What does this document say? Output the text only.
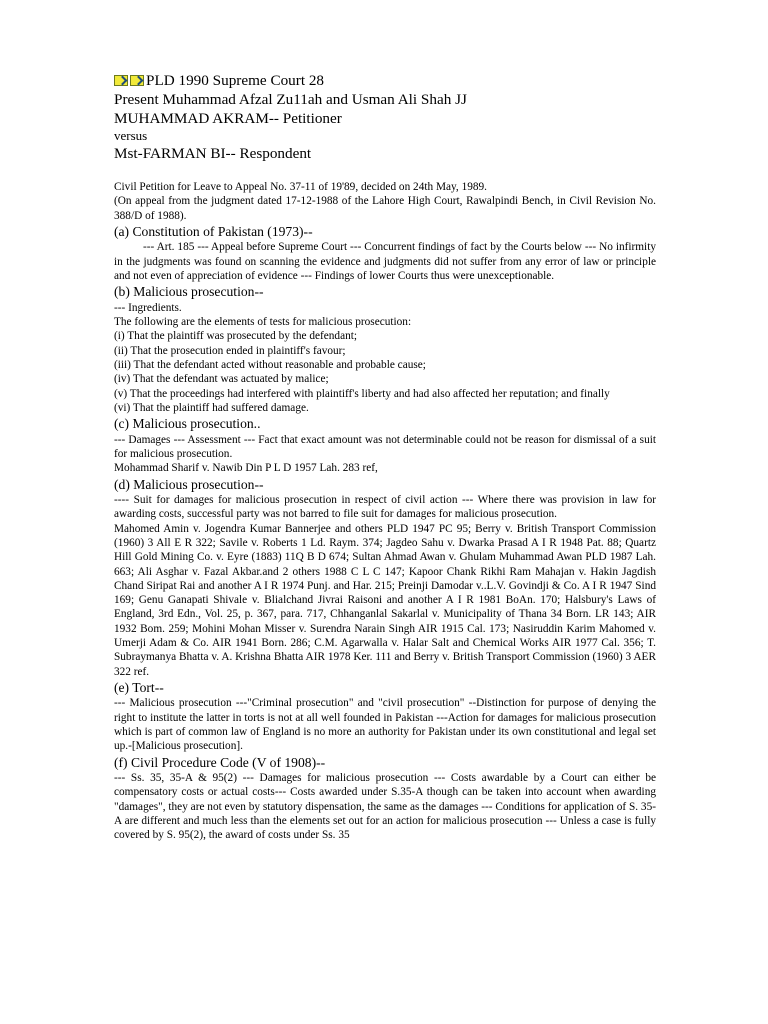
PLD 1990 Supreme Court 28
Present Muhammad Afzal Zu11ah and Usman Ali Shah JJ
MUHAMMAD AKRAM-- Petitioner
versus
Mst-FARMAN BI-- Respondent

Civil Petition for Leave to Appeal No. 37-11 of 19'89, decided on 24th May, 1989.

(On appeal from the judgment dated 17-12-1988 of the Lahore High Court, Rawalpindi Bench, in Civil Revision No. 388/D of 1988).

(a) Constitution of Pakistan (1973)--

--- Art. 185 --- Appeal before Supreme Court --- Concurrent findings of fact by the Courts below --- No infirmity in the judgments was found on scanning the evidence and judgments did not suffer from any error of law or principle and not even of appreciation of evidence --- Findings of lower Courts thus were unexceptionable.

(b) Malicious prosecution--

--- Ingredients.

The following are the elements of tests for malicious prosecution:

(i) That the plaintiff was prosecuted by the defendant;

(ii) That the prosecution ended in plaintiff's favour;

(iii) That the defendant acted without reasonable and probable cause;

(iv) That the defendant was actuated by malice;

(v) That the proceedings had interfered with plaintiff's liberty and had also affected her reputation; and finally

(vi) That the plaintiff had suffered damage.

(c) Malicious prosecution..

--- Damages --- Assessment --- Fact that exact amount was not determinable could not be reason for dismissal of a suit for malicious prosecution.

Mohammad Sharif v. Nawib Din P L D 1957 Lah. 283 ref,

(d) Malicious prosecution--

---- Suit for damages for malicious prosecution in respect of civil action --- Where there was provision in law for awarding costs, successful party was not barred to file suit for damages for malicious prosecution.

Mahomed Amin v. Jogendra Kumar Bannerjee and others PLD 1947 PC 95; Berry v. British Transport Commission (1960) 3 All E R 322; Savile v. Roberts 1 Ld. Raym. 374; Jagdeo Sahu v. Dwarka Prasad A I R 1948 Pat. 88; Quartz Hill Gold Mining Co. v. Eyre (1883) 11Q B D 674; Sultan Ahmad Awan v. Ghulam Muhammad Awan PLD 1987 Lah. 663; Ali Asghar v. Fazal Akbar.and 2 others 1988 C L C 147; Kapoor Chank Rikhi Ram Mahajan v. Hakin Jagdish Chand Siripat Rai and another A I R 1974 Punj. and Har. 215; Preinji Damodar v..L.V. Govindji & Co. A I R 1947 Sind 169; Genu Ganapati Shivale v. Blialchand Jivrai Raisoni and another A I R 1981 BoAn. 170; Halsbury's Laws of England, 3rd Edn., Vol. 25, p. 367, para. 717, Chhanganlal Sakarlal v. Municipality of Thana 34 Born. LR 143; AIR 1932 Bom. 259; Mohini Mohan Misser v. Surendra Narain Singh AIR 1915 Cal. 173; Nasiruddin Karim Mahomed v. Umerji Adam & Co. AIR 1941 Born. 286; C.M. Agarwalla v. Halar Salt and Chemical Works AIR 1977 Cal. 356; T. Subraymanya Bhatta v. A. Krishna Bhatta AIR 1978 Ker. 111 and Berry v. British Transport Commission (1960) 3 AER 322 ref.

(e) Tort--

--- Malicious prosecution ---"Criminal prosecution" and "civil prosecution" --Distinction for purpose of denying the right to institute the latter in torts is not at all well founded in Pakistan ---Action for damages for malicious prosecution which is part of common law of England is no more an authority for Pakistan under its own constitutional and legal set up.-[Malicious prosecution].

(f) Civil Procedure Code (V of 1908)--

--- Ss. 35, 35-A & 95(2) --- Damages for malicious prosecution --- Costs awardable by a Court can either be compensatory costs or actual costs--- Costs awarded under S.35-A though can be taken into account when awarding "damages", they are not even by statutory dispensation, the same as the damages --- Conditions for application of S. 35-A are different and much less than the elements set out for an action for malicious prosecution --- Unless a case is fully covered by S. 95(2), the award of costs under Ss. 35
